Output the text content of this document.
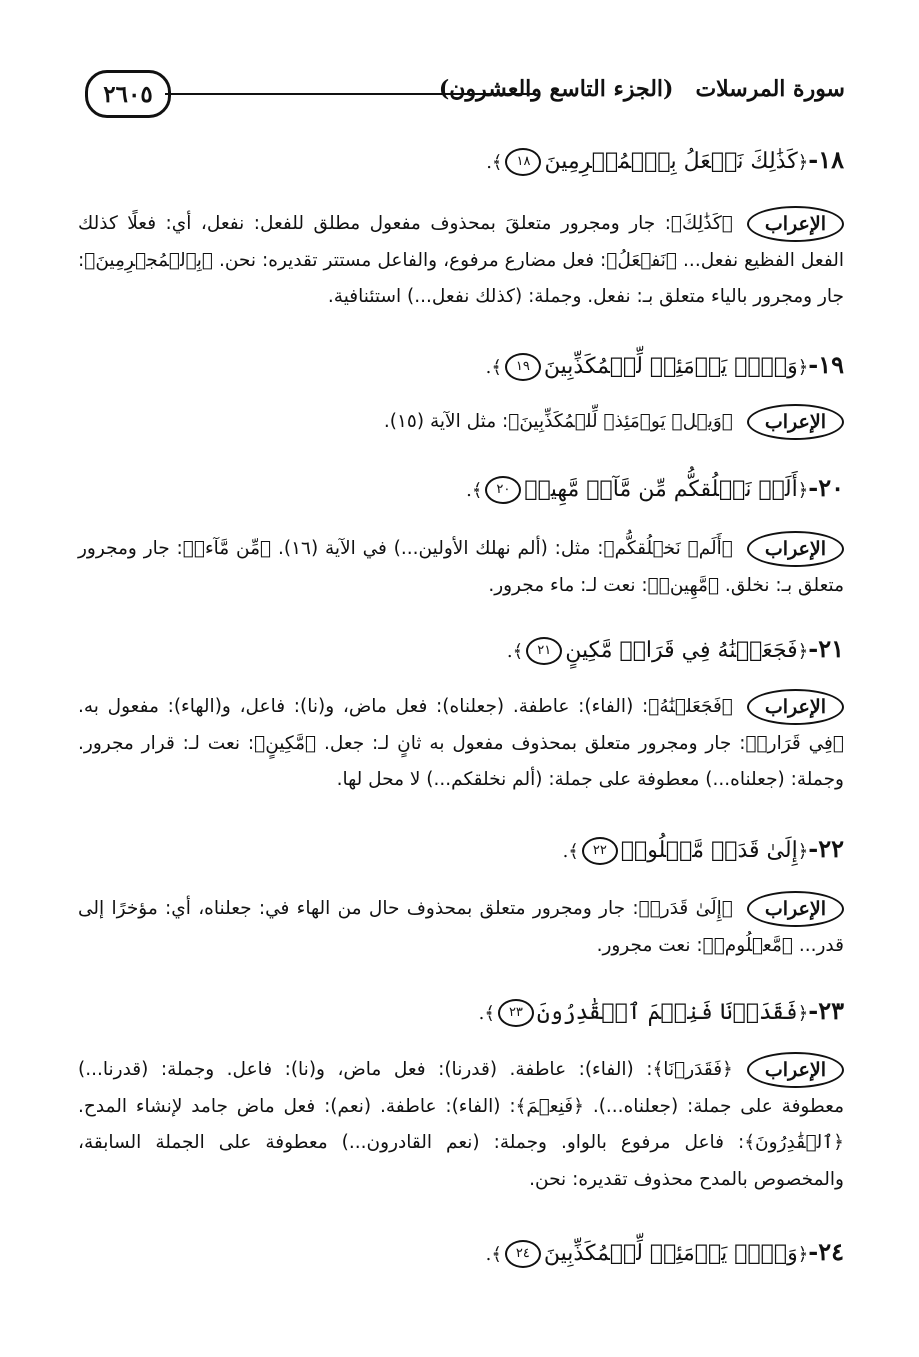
٢٦٠٥	سورة المرسلات(الجزء التاسع والعشرون)
١٨-﴿كَذَٰلِكَ نَفۡعَلُ بِٱلۡمُجۡرِمِينَ١٨﴾.
الإعراب﴿كَذَٰلِكَ﴾: جار ومجرور متعلقَ بمحذوف مفعول مطلق للفعل: نفعل، أي: فعلًا كذلك الفعل الفظيع نفعل... ﴿نَفۡعَلُ﴾: فعل مضارع مرفوع، والفاعل مستتر تقديره: نحن. ﴿بِٱلۡمُجۡرِمِينَ﴾: جار ومجرور بالياء متعلق بـ: نفعل. وجملة: (كذلك نفعل...) استئنافية.
١٩-﴿وَيۡلٞ يَوۡمَئِذٖ لِّلۡمُكَذِّبِينَ١٩﴾.
الإعراب﴿وَيۡلٞ يَوۡمَئِذٖ لِّلۡمُكَذِّبِينَ﴾: مثل الآية (١٥).
٢٠-﴿أَلَمۡ نَخۡلُقكُّم مِّن مَّآءٖ مَّهِينٖ٢٠﴾.
الإعراب﴿أَلَمۡ نَخۡلُقكُّم﴾: مثل: (ألم نهلك الأولين...) في الآية (١٦). ﴿مِّن مَّآءٖ﴾: جار ومجرور متعلق بـ: نخلق. ﴿مَّهِينٖ﴾: نعت لـ: ماء مجرور.
٢١-﴿فَجَعَلۡنَٰهُ فِي قَرَارٖ مَّكِينٍ٢١﴾.
الإعراب﴿فَجَعَلۡنَٰهُ﴾: (الفاء): عاطفة. (جعلناه): فعل ماض، و(نا): فاعل، و(الهاء): مفعول به. ﴿فِي قَرَارٖ﴾: جار ومجرور متعلق بمحذوف مفعول به ثانٍ لـ: جعل. ﴿مَّكِينٍ﴾: نعت لـ: قرار مجرور. وجملة: (جعلناه...) معطوفة على جملة: (ألم نخلقكم...) لا محل لها.
٢٢-﴿إِلَىٰ قَدَرٖ مَّعۡلُومٖ٢٢﴾.
الإعراب﴿إِلَىٰ قَدَرٖ﴾: جار ومجرور متعلق بمحذوف حال من الهاء في: جعلناه، أي: مؤخرًا إلى قدر... ﴿مَّعۡلُومٖ﴾: نعت مجرور.
٢٣-﴿فَقَدَرۡنَا فَنِعۡمَ ٱلۡقَٰدِرُونَ٢٣﴾.
الإعراب﴿فَقَدَرۡنَا﴾: (الفاء): عاطفة. (قدرنا): فعل ماض، و(نا): فاعل. وجملة: (قدرنا...) معطوفة على جملة: (جعلناه...). ﴿فَنِعۡمَ﴾: (الفاء): عاطفة. (نعم): فعل ماض جامد لإنشاء المدح. ﴿ٱلۡقَٰدِرُونَ﴾: فاعل مرفوع بالواو. وجملة: (نعم القادرون...) معطوفة على الجملة السابقة، والمخصوص بالمدح محذوف تقديره: نحن.
٢٤-﴿وَيۡلٞ يَوۡمَئِذٖ لِّلۡمُكَذِّبِينَ٢٤﴾.
